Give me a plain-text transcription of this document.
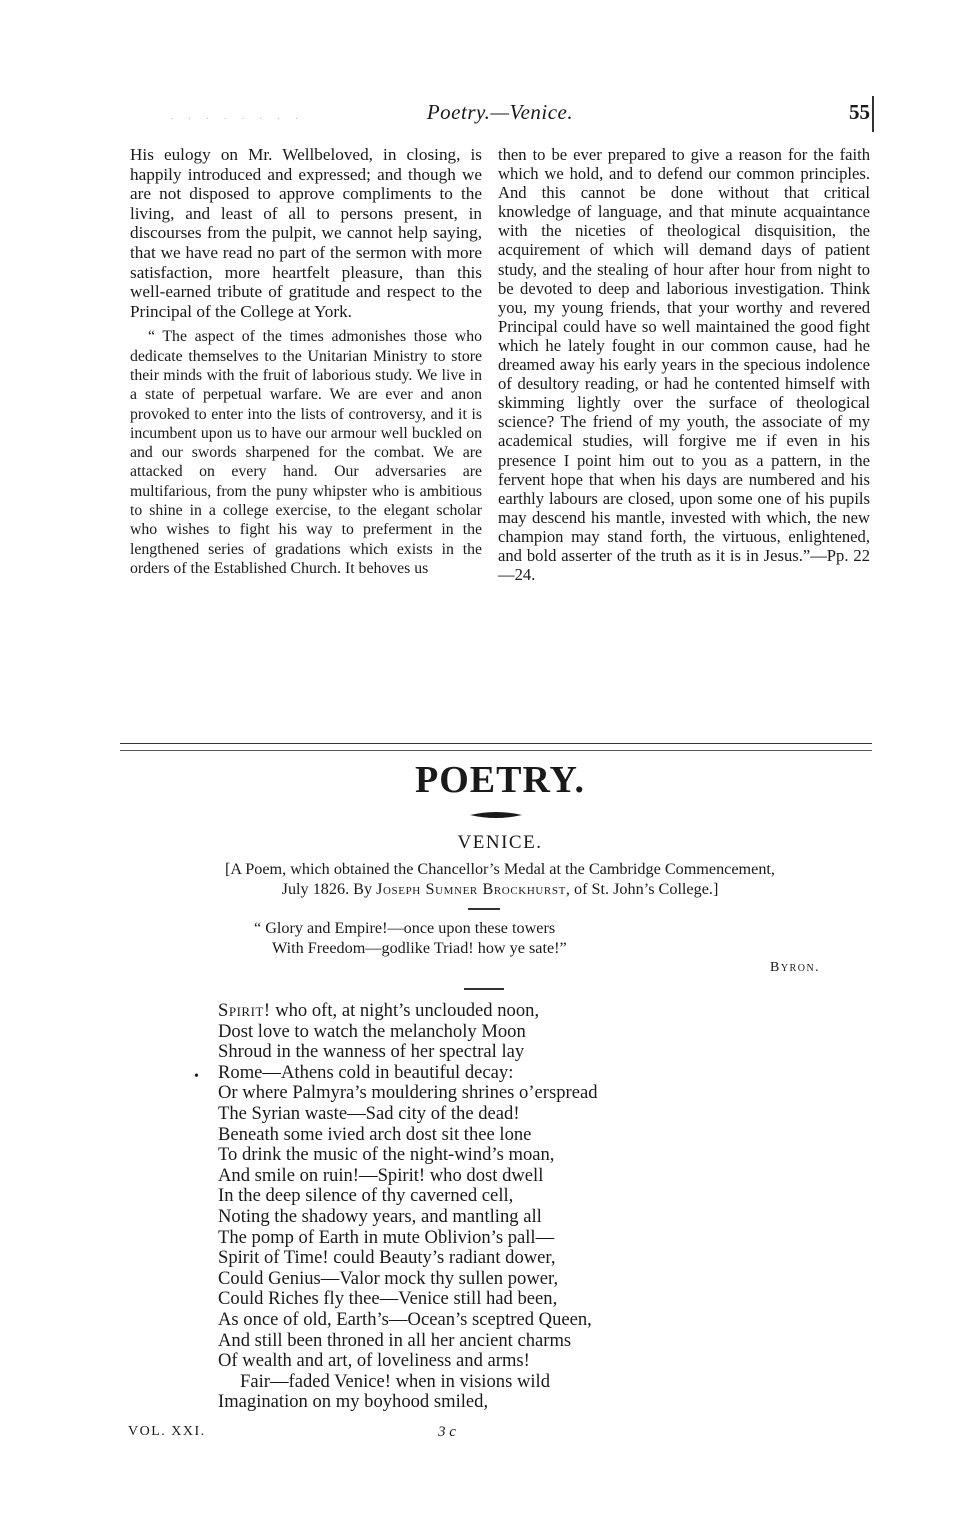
· · · · · · · ·	Poetry.—Venice.	55

His eulogy on Mr. Wellbeloved, in closing, is happily introduced and expressed; and though we are not disposed to approve compliments to the living, and least of all to persons present, in discourses from the pulpit, we cannot help saying, that we have read no part of the sermon with more satisfaction, more heartfelt pleasure, than this well-earned tribute of gratitude and respect to the Principal of the College at York.

“ The aspect of the times admonishes those who dedicate themselves to the Unitarian Ministry to store their minds with the fruit of laborious study. We live in a state of perpetual warfare. We are ever and anon provoked to enter into the lists of controversy, and it is incumbent upon us to have our armour well buckled on and our swords sharpened for the combat. We are attacked on every hand. Our adversaries are multifarious, from the puny whipster who is ambitious to shine in a college exercise, to the elegant scholar who wishes to fight his way to preferment in the lengthened series of gradations which exists in the orders of the Established Church. It behoves us

then to be ever prepared to give a reason for the faith which we hold, and to defend our common principles. And this cannot be done without that critical knowledge of language, and that minute acquaintance with the niceties of theological disquisition, the acquirement of which will demand days of patient study, and the stealing of hour after hour from night to be devoted to deep and laborious investigation. Think you, my young friends, that your worthy and revered Principal could have so well maintained the good fight which he lately fought in our common cause, had he dreamed away his early years in the specious indolence of desultory reading, or had he contented himself with skimming lightly over the surface of theological science? The friend of my youth, the associate of my academical studies, will forgive me if even in his presence I point him out to you as a pattern, in the fervent hope that when his days are numbered and his earthly labours are closed, upon some one of his pupils may descend his mantle, invested with which, the new champion may stand forth, the virtuous, enlightened, and bold asserter of the truth as it is in Jesus.”—Pp. 22—24.

POETRY.
VENICE.
[A Poem, which obtained the Chancellor’s Medal at the Cambridge Commencement,
July 1826. By Joseph Sumner Brockhurst, of St. John’s College.]
“ Glory and Empire!—once upon these towers
With Freedom—godlike Triad! how ye sate!”
Byron.
•
Spirit! who oft, at night’s unclouded noon,
Dost love to watch the melancholy Moon
Shroud in the wanness of her spectral lay
Rome—Athens cold in beautiful decay:
Or where Palmyra’s mouldering shrines o’erspread
The Syrian waste—Sad city of the dead!
Beneath some ivied arch dost sit thee lone
To drink the music of the night-wind’s moan,
And smile on ruin!—Spirit! who dost dwell
In the deep silence of thy caverned cell,
Noting the shadowy years, and mantling all
The pomp of Earth in mute Oblivion’s pall—
Spirit of Time! could Beauty’s radiant dower,
Could Genius—Valor mock thy sullen power,
Could Riches fly thee—Venice still had been,
As once of old, Earth’s—Ocean’s sceptred Queen,
And still been throned in all her ancient charms
Of wealth and art, of loveliness and arms!
Fair—faded Venice! when in visions wild
Imagination on my boyhood smiled,
VOL. XXI.	3 c
